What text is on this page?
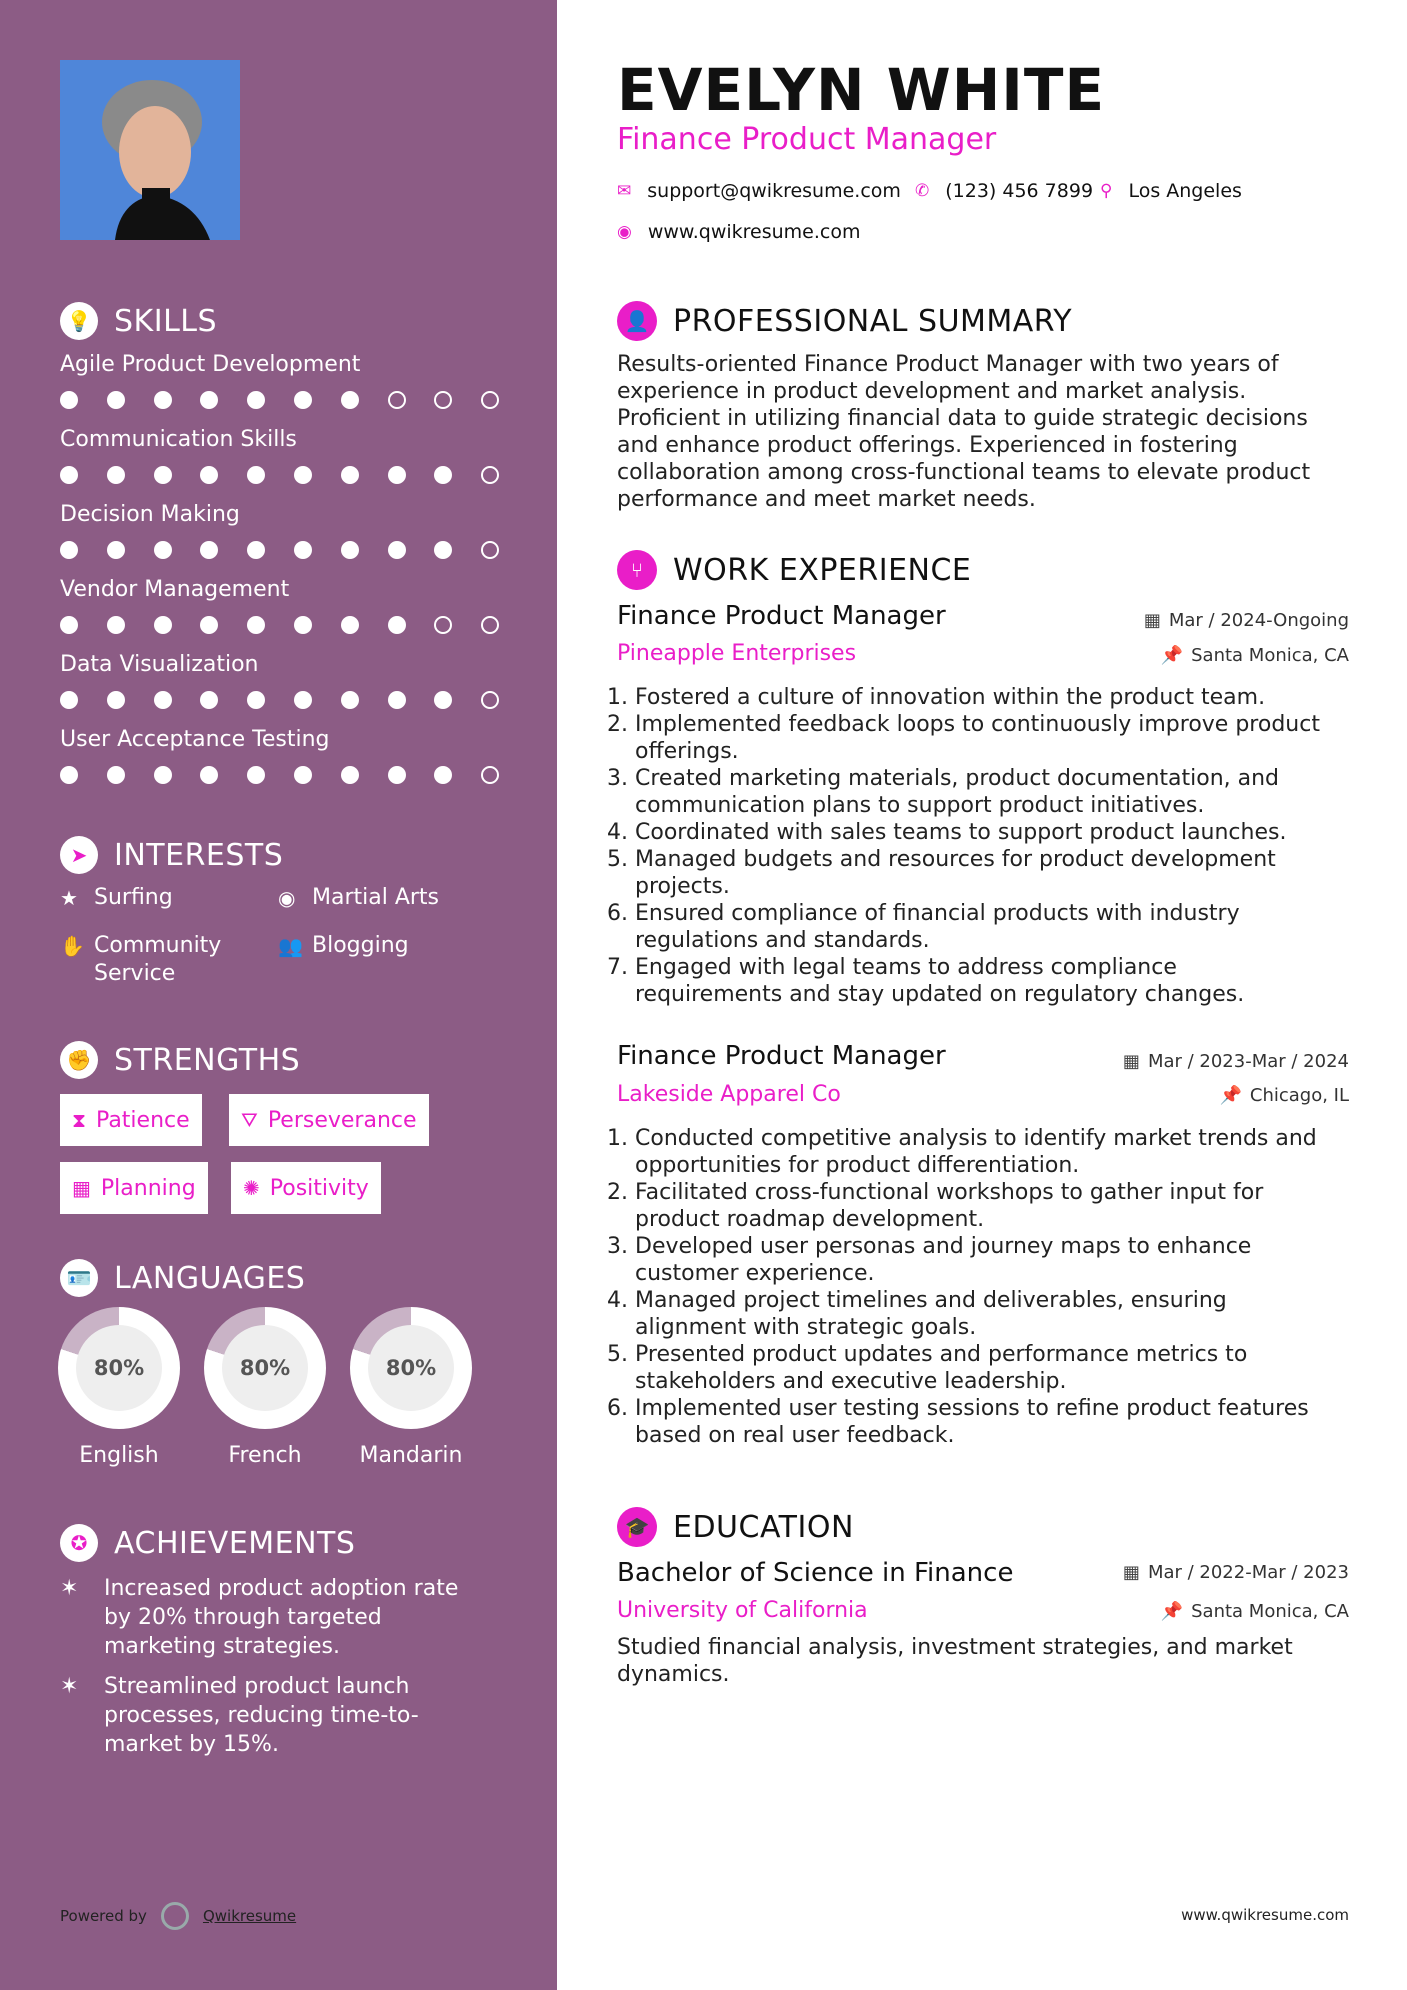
💡 SKILLS
Agile Product Development
Communication Skills
Decision Making
Vendor Management
Data Visualization
User Acceptance Testing
➤ INTERESTS
★ Surfing	◉ Martial Arts
✋ Community
Service
👥 Blogging
✊ STRENGTHS
⧗ Patience	⛛ Perseverance
▦ Planning ✺ Positivity
🪪 LANGUAGES
80%	80%	80%
English	French	Mandarin
✪ ACHIEVEMENTS
✶	Increased product adoption rate
by 20% through targeted
marketing strategies.
✶	Streamlined product launch
processes, reducing time-to-
market by 15%.
Powered by	Qwikresume
EVELYN WHITE
Finance Product Manager
✉ support@qwikresume.com ✆ (123) 456 7899 ⚲ Los Angeles
◉ www.qwikresume.com
👤 PROFESSIONAL SUMMARY
Results-oriented Finance Product Manager with two years of
experience in product development and market analysis.
Proficient in utilizing financial data to guide strategic decisions
and enhance product offerings. Experienced in fostering
collaboration among cross-functional teams to elevate product
performance and meet market needs.
⑂	WORK EXPERIENCE
Finance Product Manager
Pineapple Enterprises
▦ Mar / 2024-Ongoing
📌 Santa Monica, CA
1. Fostered a culture of innovation within the product team.
2. Implemented feedback loops to continuously improve product
offerings.
3. Created marketing materials, product documentation, and
communication plans to support product initiatives.
4. Coordinated with sales teams to support product launches.
5. Managed budgets and resources for product development
projects.
6. Ensured compliance of financial products with industry
regulations and standards.
7. Engaged with legal teams to address compliance
requirements and stay updated on regulatory changes.
Finance Product Manager
Lakeside Apparel Co
▦ Mar / 2023-Mar / 2024
📌 Chicago, IL
1. Conducted competitive analysis to identify market trends and
opportunities for product differentiation.
2. Facilitated cross-functional workshops to gather input for
product roadmap development.
3. Developed user personas and journey maps to enhance
customer experience.
4. Managed project timelines and deliverables, ensuring
alignment with strategic goals.
5. Presented product updates and performance metrics to
stakeholders and executive leadership.
6. Implemented user testing sessions to refine product features
based on real user feedback.
🎓 EDUCATION
Bachelor of Science in Finance
University of California
▦ Mar / 2022-Mar / 2023
📌 Santa Monica, CA
Studied financial analysis, investment strategies, and market
dynamics.
www.qwikresume.com
